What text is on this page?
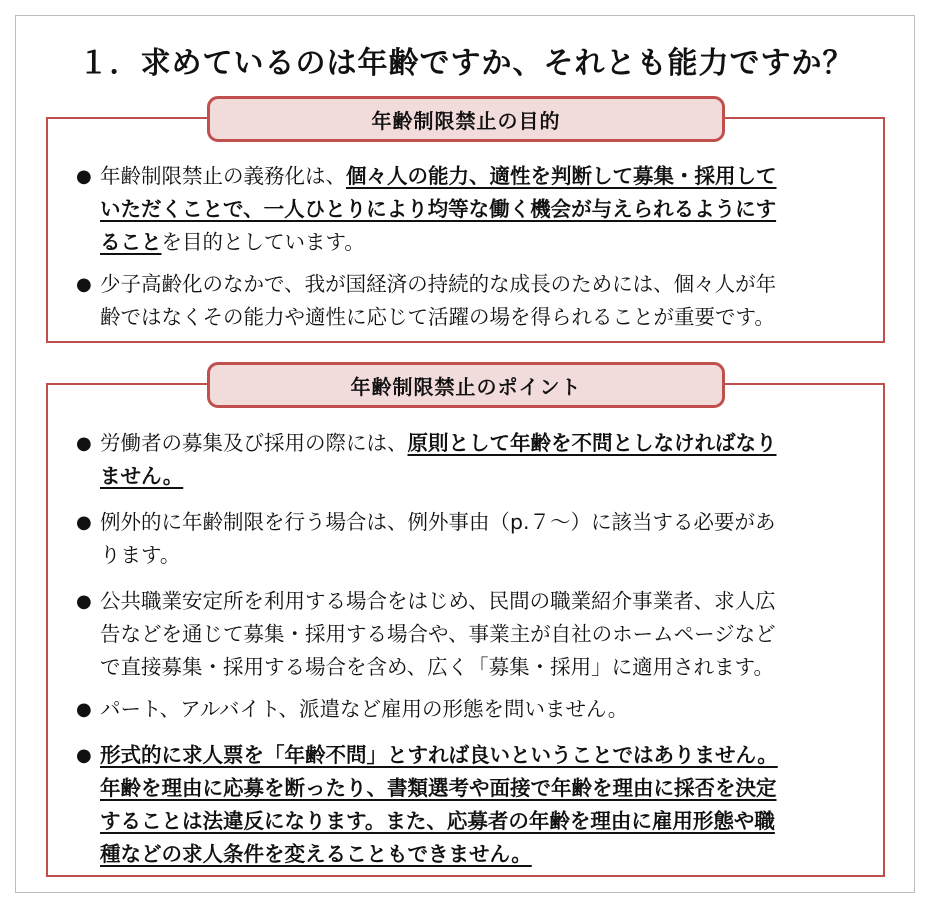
１．求めているのは年齢ですか、それとも能力ですか？
年齢制限禁止の目的
● 年齢制限禁止の義務化は、個々人の能力、適性を判断して募集・採用して
いただくことで、一人ひとりにより均等な働く機会が与えられるようにす
ることを目的としています。
● 少子高齢化のなかで、我が国経済の持続的な成長のためには、個々人が年
齢ではなくその能力や適性に応じて活躍の場を得られることが重要です。
年齢制限禁止のポイント
● 労働者の募集及び採用の際には、原則として年齢を不問としなければなり
ません。
● 例外的に年齢制限を行う場合は、例外事由（p.７～）に該当する必要があ
ります。
● 公共職業安定所を利用する場合をはじめ、民間の職業紹介事業者、求人広
告などを通じて募集・採用する場合や、事業主が自社のホームページなど
で直接募集・採用する場合を含め、広く「募集・採用」に適用されます。
● パート、アルバイト、派遣など雇用の形態を問いません。
● 形式的に求人票を「年齢不問」とすれば良いということではありません。
年齢を理由に応募を断ったり、書類選考や面接で年齢を理由に採否を決定
することは法違反になります。また、応募者の年齢を理由に雇用形態や職
種などの求人条件を変えることもできません。
